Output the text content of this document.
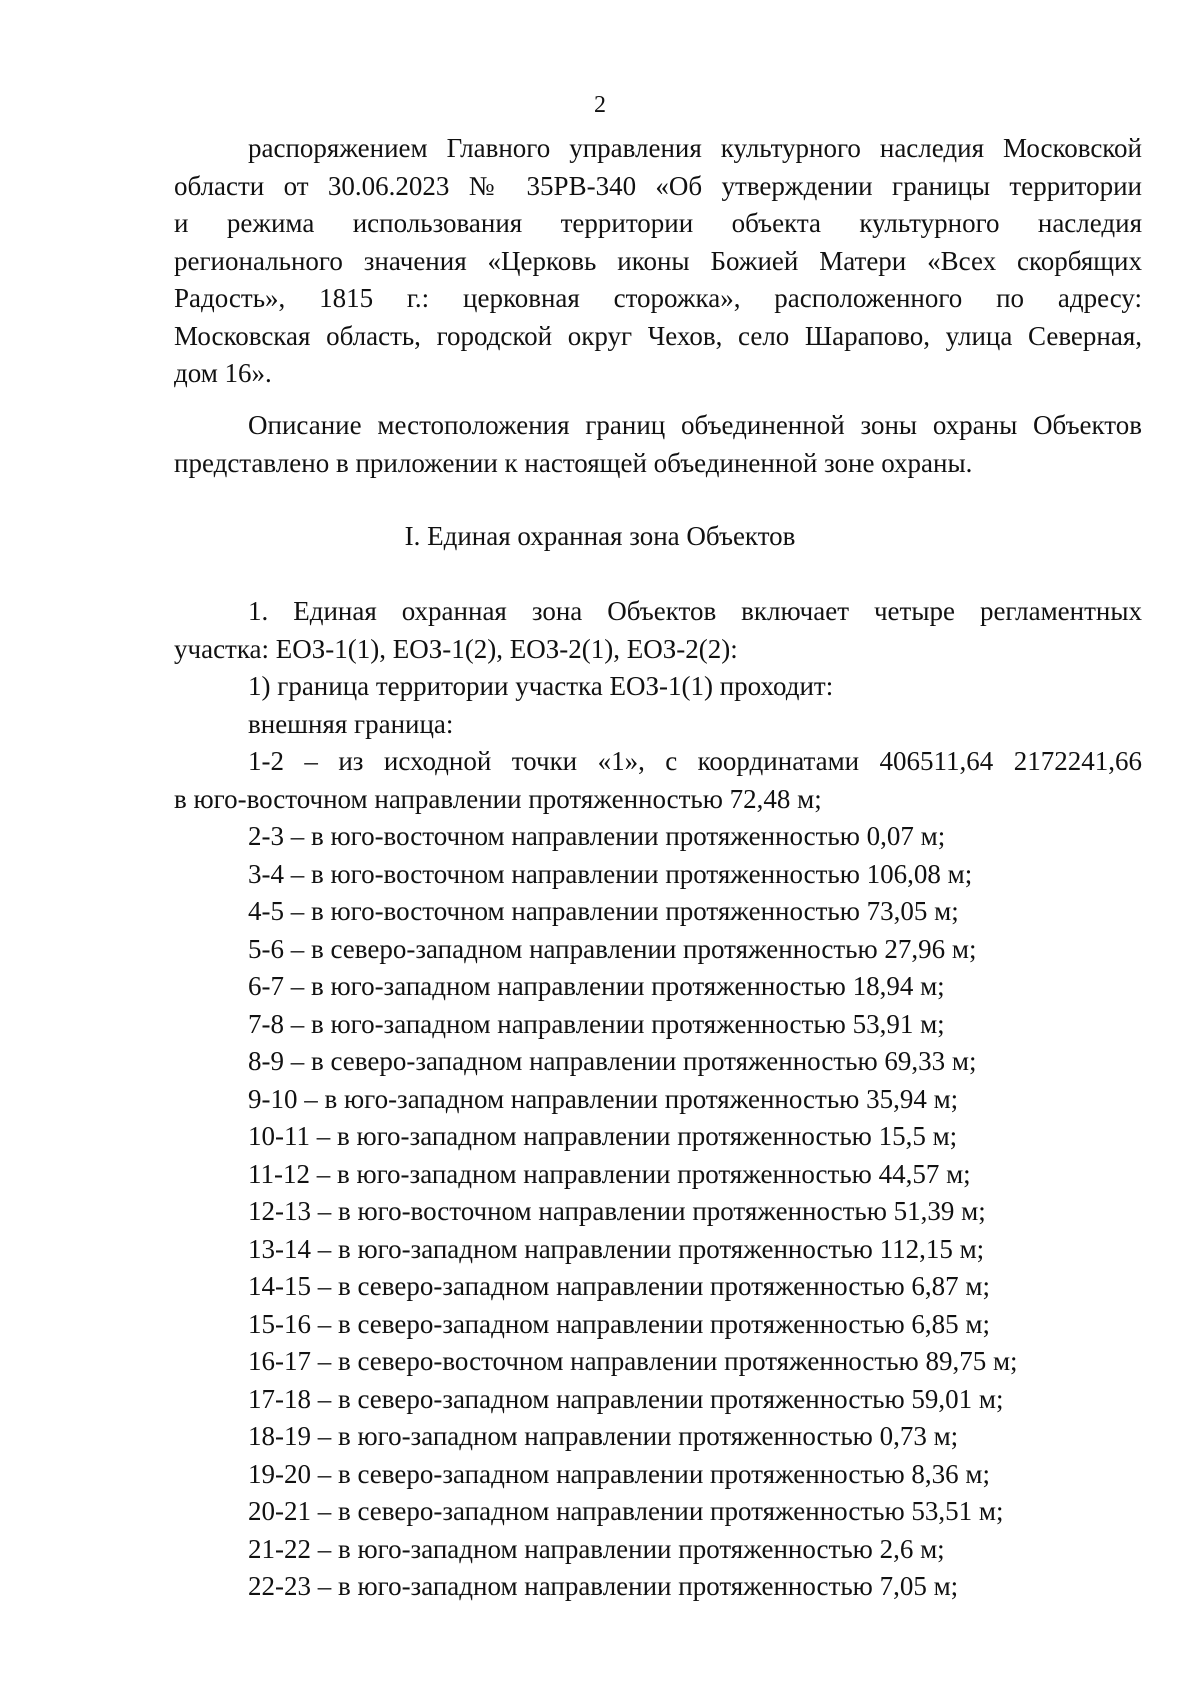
2
распоряжением Главного управления культурного наследия Московской
области от 30.06.2023 № 35РВ-340 «Об утверждении границы территории
и режима использования территории объекта культурного наследия
регионального значения «Церковь иконы Божией Матери «Всех скорбящих
Радость», 1815 г.: церковная сторожка», расположенного по адресу:
Московская область, городской округ Чехов, село Шарапово, улица Северная,
дом 16».
Описание местоположения границ объединенной зоны охраны Объектов
представлено в приложении к настоящей объединенной зоне охраны.
I. Единая охранная зона Объектов
1. Единая охранная зона Объектов включает четыре регламентных
участка: ЕОЗ-1(1), ЕОЗ-1(2), ЕОЗ-2(1), ЕОЗ-2(2):
1) граница территории участка ЕОЗ-1(1) проходит:
внешняя граница:
1-2 – из исходной точки «1», с координатами 406511,64 2172241,66
в юго-восточном направлении протяженностью 72,48 м;
2-3 – в юго-восточном направлении протяженностью 0,07 м;
3-4 – в юго-восточном направлении протяженностью 106,08 м;
4-5 – в юго-восточном направлении протяженностью 73,05 м;
5-6 – в северо-западном направлении протяженностью 27,96 м;
6-7 – в юго-западном направлении протяженностью 18,94 м;
7-8 – в юго-западном направлении протяженностью 53,91 м;
8-9 – в северо-западном направлении протяженностью 69,33 м;
9-10 – в юго-западном направлении протяженностью 35,94 м;
10-11 – в юго-западном направлении протяженностью 15,5 м;
11-12 – в юго-западном направлении протяженностью 44,57 м;
12-13 – в юго-восточном направлении протяженностью 51,39 м;
13-14 – в юго-западном направлении протяженностью 112,15 м;
14-15 – в северо-западном направлении протяженностью 6,87 м;
15-16 – в северо-западном направлении протяженностью 6,85 м;
16-17 – в северо-восточном направлении протяженностью 89,75 м;
17-18 – в северо-западном направлении протяженностью 59,01 м;
18-19 – в юго-западном направлении протяженностью 0,73 м;
19-20 – в северо-западном направлении протяженностью 8,36 м;
20-21 – в северо-западном направлении протяженностью 53,51 м;
21-22 – в юго-западном направлении протяженностью 2,6 м;
22-23 – в юго-западном направлении протяженностью 7,05 м;
